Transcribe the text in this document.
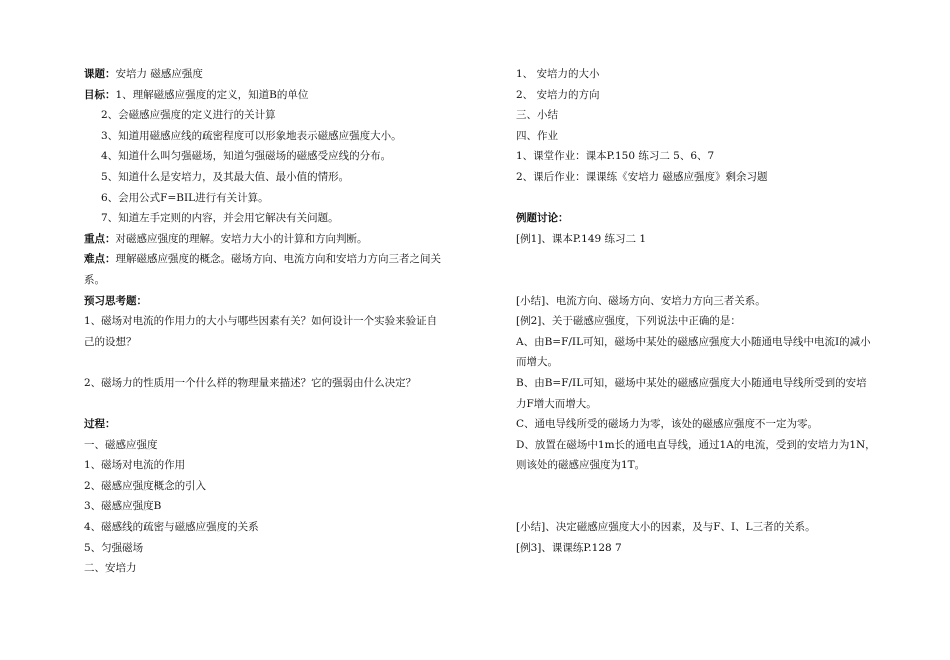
课题：安培力 磁感应强度
目标：1、理解磁感应强度的定义，知道B的单位
2、会磁感应强度的定义进行的关计算
3、知道用磁感应线的疏密程度可以形象地表示磁感应强度大小。
4、知道什么叫匀强磁场，知道匀强磁场的磁感受应线的分布。
5、知道什么是安培力，及其最大值、最小值的情形。
6、会用公式F=BIL进行有关计算。
7、知道左手定则的内容，并会用它解决有关问题。
重点：对磁感应强度的理解。安培力大小的计算和方向判断。
难点：理解磁感应强度的概念。磁场方向、电流方向和安培力方向三者之间关系。
预习思考题：
1、磁场对电流的作用力的大小与哪些因素有关？如何设计一个实验来验证自己的设想？
2、磁场力的性质用一个什么样的物理量来描述？它的强弱由什么决定？
过程：
一、磁感应强度
1、磁场对电流的作用
2、磁感应强度概念的引入
3、磁感应强度B
4、磁感线的疏密与磁感应强度的关系
5、匀强磁场
二、安培力
1、 安培力的大小
2、 安培力的方向
三、小结
四、作业
1、课堂作业：课本P.150 练习二 5、6、7
2、课后作业：课课练《安培力 磁感应强度》剩余习题
例题讨论：
[例1]、课本P.149 练习二 1
[小结]、电流方向、磁场方向、安培力方向三者关系。
[例2]、关于磁感应强度，下列说法中正确的是：
A、由B=F/IL可知，磁场中某处的磁感应强度大小随通电导线中电流I的减小而增大。
B、由B=F/IL可知，磁场中某处的磁感应强度大小随通电导线所受到的安培力F增大而增大。
C、通电导线所受的磁场力为零，该处的磁感应强度不一定为零。
D、放置在磁场中1m长的通电直导线，通过1A的电流，受到的安培力为1N，则该处的磁感应强度为1T。
[小结]、决定磁感应强度大小的因素，及与F、I、L三者的关系。
[例3]、课课练P.128 7
